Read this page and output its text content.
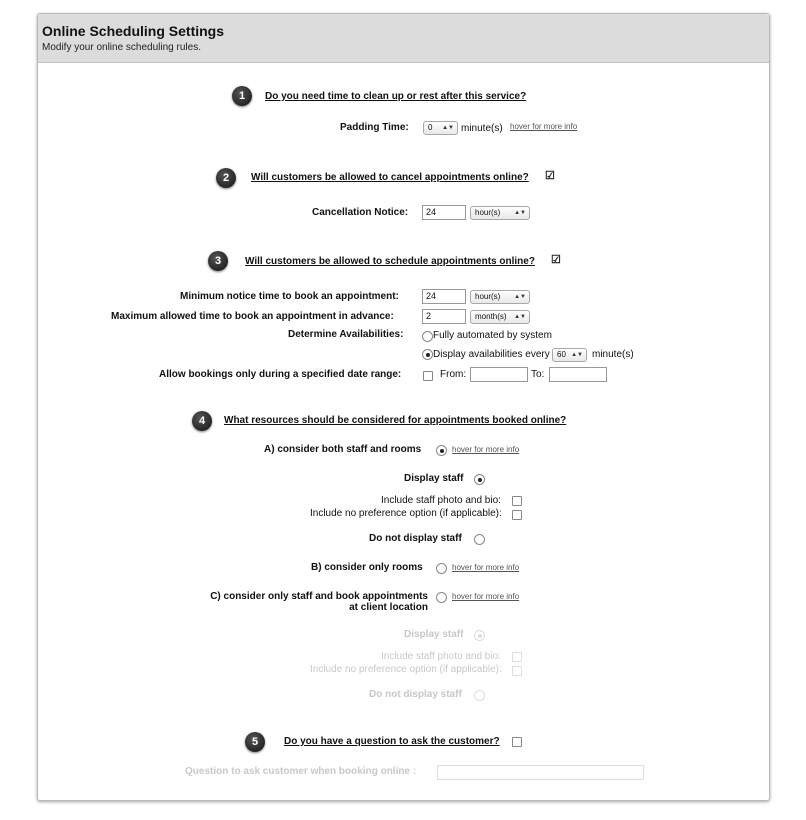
Online Scheduling Settings
Modify your online scheduling rules.
1	Do you need time to clean up or rest after this service?
Padding Time:	0 ▲▼ minute(s) hover for more info
2	Will customers be allowed to cancel appointments online? ☑
Cancellation Notice:	24	hour(s) ▲▼
3	Will customers be allowed to schedule appointments online? ☑
Minimum notice time to book an appointment:	24	hour(s) ▲▼
Maximum allowed time to book an appointment in advance:	2	month(s) ▲▼
Determine Availabilities:	Fully automated by system
Display availabilities every 60 ▲▼ minute(s)
Allow bookings only during a specified date range:	From:	To:
4	What resources should be considered for appointments booked online?
A) consider both staff and rooms	hover for more info
Display staff
Include staff photo and bio:
Include no preference option (if applicable):
Do not display staff
B) consider only rooms	hover for more info
C) consider only staff and book appointments
at client location
hover for more info
Display staff
Include staff photo and bio:
Include no preference option (if applicable):
Do not display staff
5	Do you have a question to ask the customer?
Question to ask customer when booking online :
